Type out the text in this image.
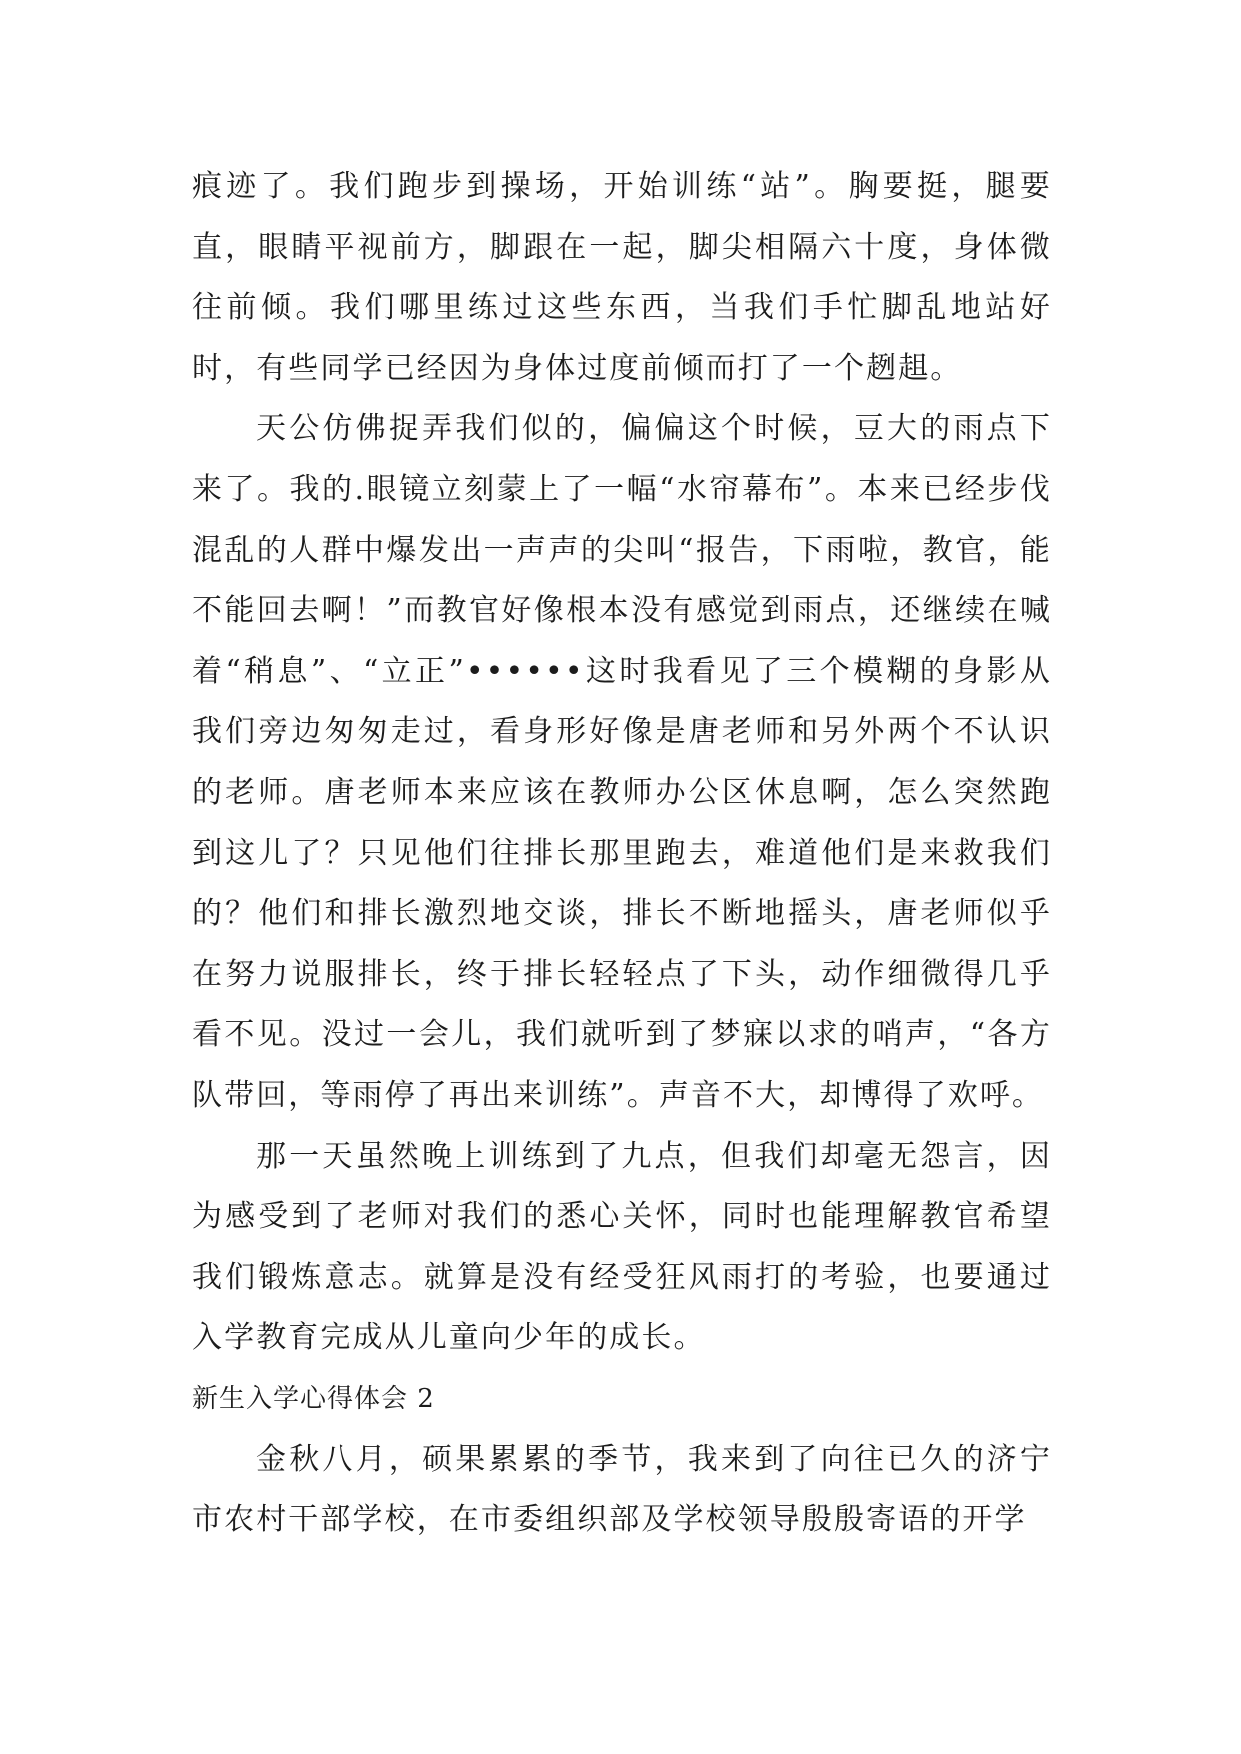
痕迹了。我们跑步到操场，开始训练“站”。胸要挺，腿要直，眼睛平视前方，脚跟在一起，脚尖相隔六十度，身体微往前倾。我们哪里练过这些东西，当我们手忙脚乱地站好时，有些同学已经因为身体过度前倾而打了一个趔趄。

天公仿佛捉弄我们似的，偏偏这个时候，豆大的雨点下来了。我的.眼镜立刻蒙上了一幅“水帘幕布”。本来已经步伐混乱的人群中爆发出一声声的尖叫“报告，下雨啦，教官，能不能回去啊！”而教官好像根本没有感觉到雨点，还继续在喊着“稍息”、“立正”••••••这时我看见了三个模糊的身影从我们旁边匆匆走过，看身形好像是唐老师和另外两个不认识的老师。唐老师本来应该在教师办公区休息啊，怎么突然跑到这儿了？只见他们往排长那里跑去，难道他们是来救我们的？他们和排长激烈地交谈，排长不断地摇头，唐老师似乎在努力说服排长，终于排长轻轻点了下头，动作细微得几乎看不见。没过一会儿，我们就听到了梦寐以求的哨声，“各方队带回，等雨停了再出来训练”。声音不大，却博得了欢呼。

那一天虽然晚上训练到了九点，但我们却毫无怨言，因为感受到了老师对我们的悉心关怀，同时也能理解教官希望我们锻炼意志。就算是没有经受狂风雨打的考验，也要通过入学教育完成从儿童向少年的成长。

新生入学心得体会 2

金秋八月，硕果累累的季节，我来到了向往已久的济宁市农村干部学校，在市委组织部及学校领导殷殷寄语的开学
